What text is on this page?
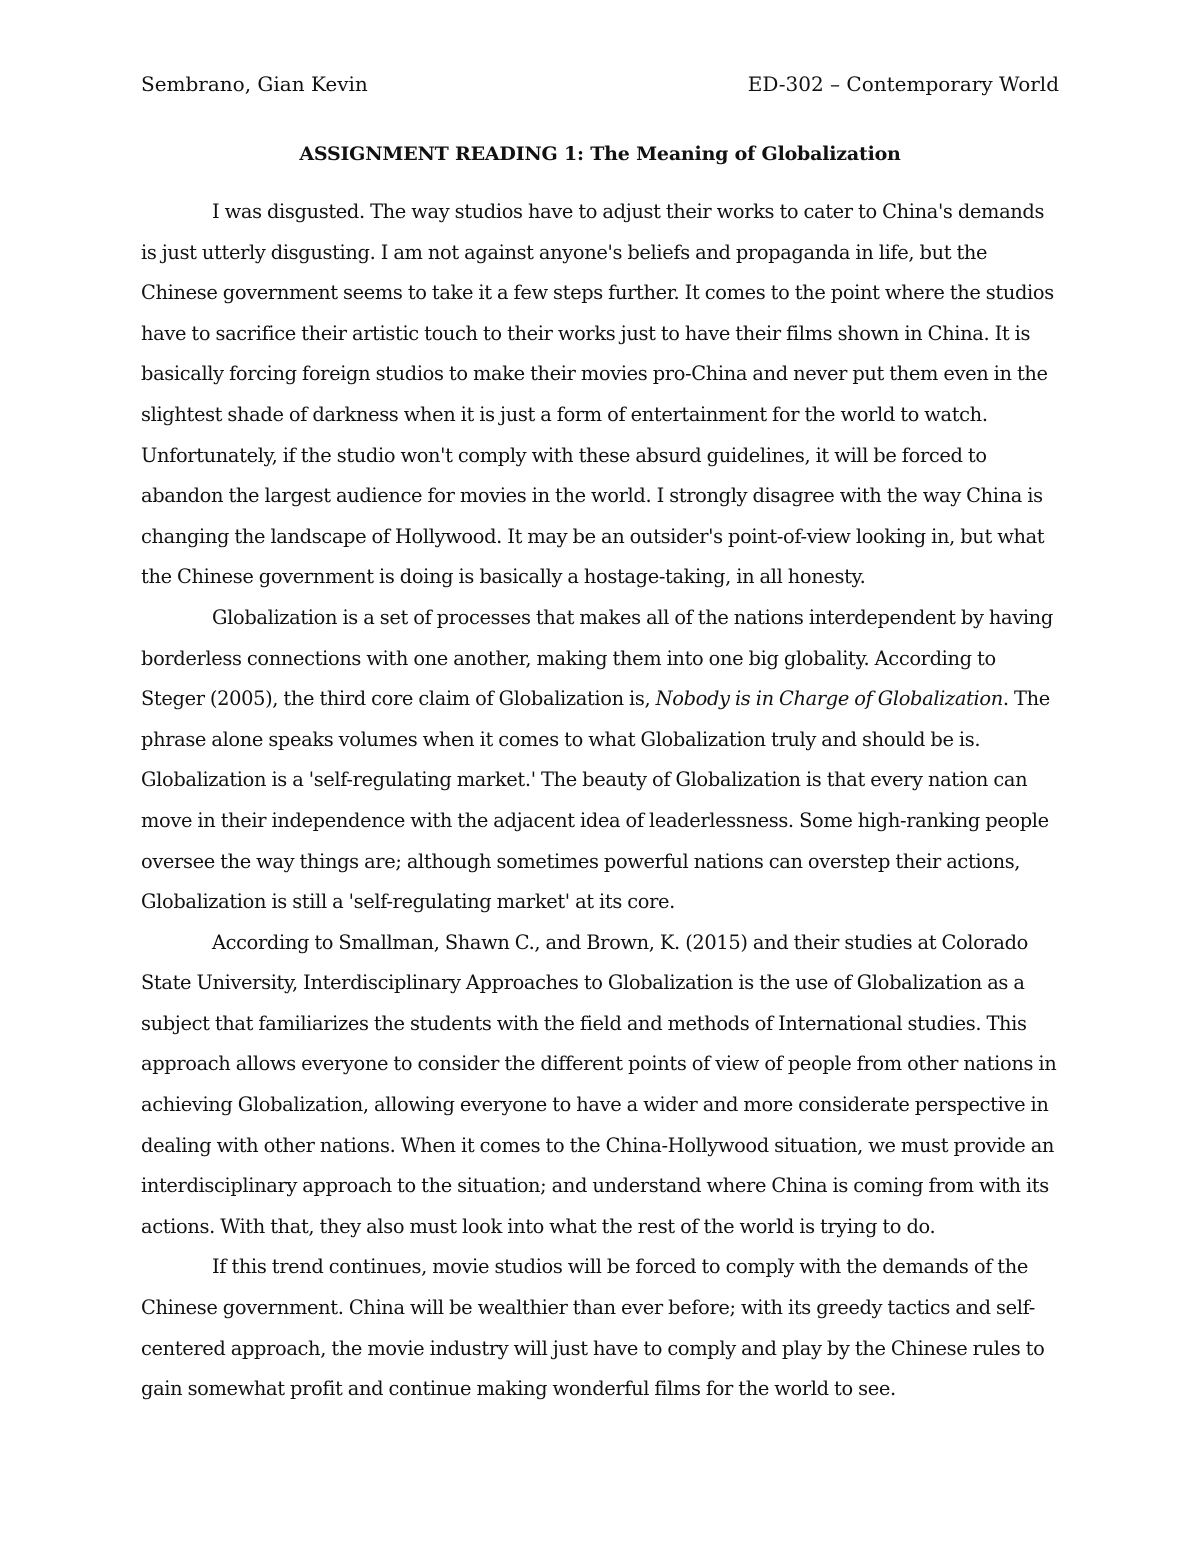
Sembrano, Gian Kevin	ED-302 – Contemporary World
ASSIGNMENT READING 1: The Meaning of Globalization

I was disgusted. The way studios have to adjust their works to cater to China's demands is just utterly disgusting. I am not against anyone's beliefs and propaganda in life, but the Chinese government seems to take it a few steps further. It comes to the point where the studios have to sacrifice their artistic touch to their works just to have their films shown in China. It is basically forcing foreign studios to make their movies pro-China and never put them even in the slightest shade of darkness when it is just a form of entertainment for the world to watch. Unfortunately, if the studio won't comply with these absurd guidelines, it will be forced to abandon the largest audience for movies in the world. I strongly disagree with the way China is changing the landscape of Hollywood. It may be an outsider's point-of-view looking in, but what the Chinese government is doing is basically a hostage-taking, in all honesty.

Globalization is a set of processes that makes all of the nations interdependent by having borderless connections with one another, making them into one big globality. According to Steger (2005), the third core claim of Globalization is, Nobody is in Charge of Globalization. The phrase alone speaks volumes when it comes to what Globalization truly and should be is. Globalization is a 'self-regulating market.' The beauty of Globalization is that every nation can move in their independence with the adjacent idea of leaderlessness. Some high-ranking people oversee the way things are; although sometimes powerful nations can overstep their actions, Globalization is still a 'self-regulating market' at its core.

According to Smallman, Shawn C., and Brown, K. (2015) and their studies at Colorado State University, Interdisciplinary Approaches to Globalization is the use of Globalization as a subject that familiarizes the students with the field and methods of International studies. This approach allows everyone to consider the different points of view of people from other nations in achieving Globalization, allowing everyone to have a wider and more considerate perspective in dealing with other nations. When it comes to the China-Hollywood situation, we must provide an interdisciplinary approach to the situation; and understand where China is coming from with its actions. With that, they also must look into what the rest of the world is trying to do.

If this trend continues, movie studios will be forced to comply with the demands of the Chinese government. China will be wealthier than ever before; with its greedy tactics and self-centered approach, the movie industry will just have to comply and play by the Chinese rules to gain somewhat profit and continue making wonderful films for the world to see.
